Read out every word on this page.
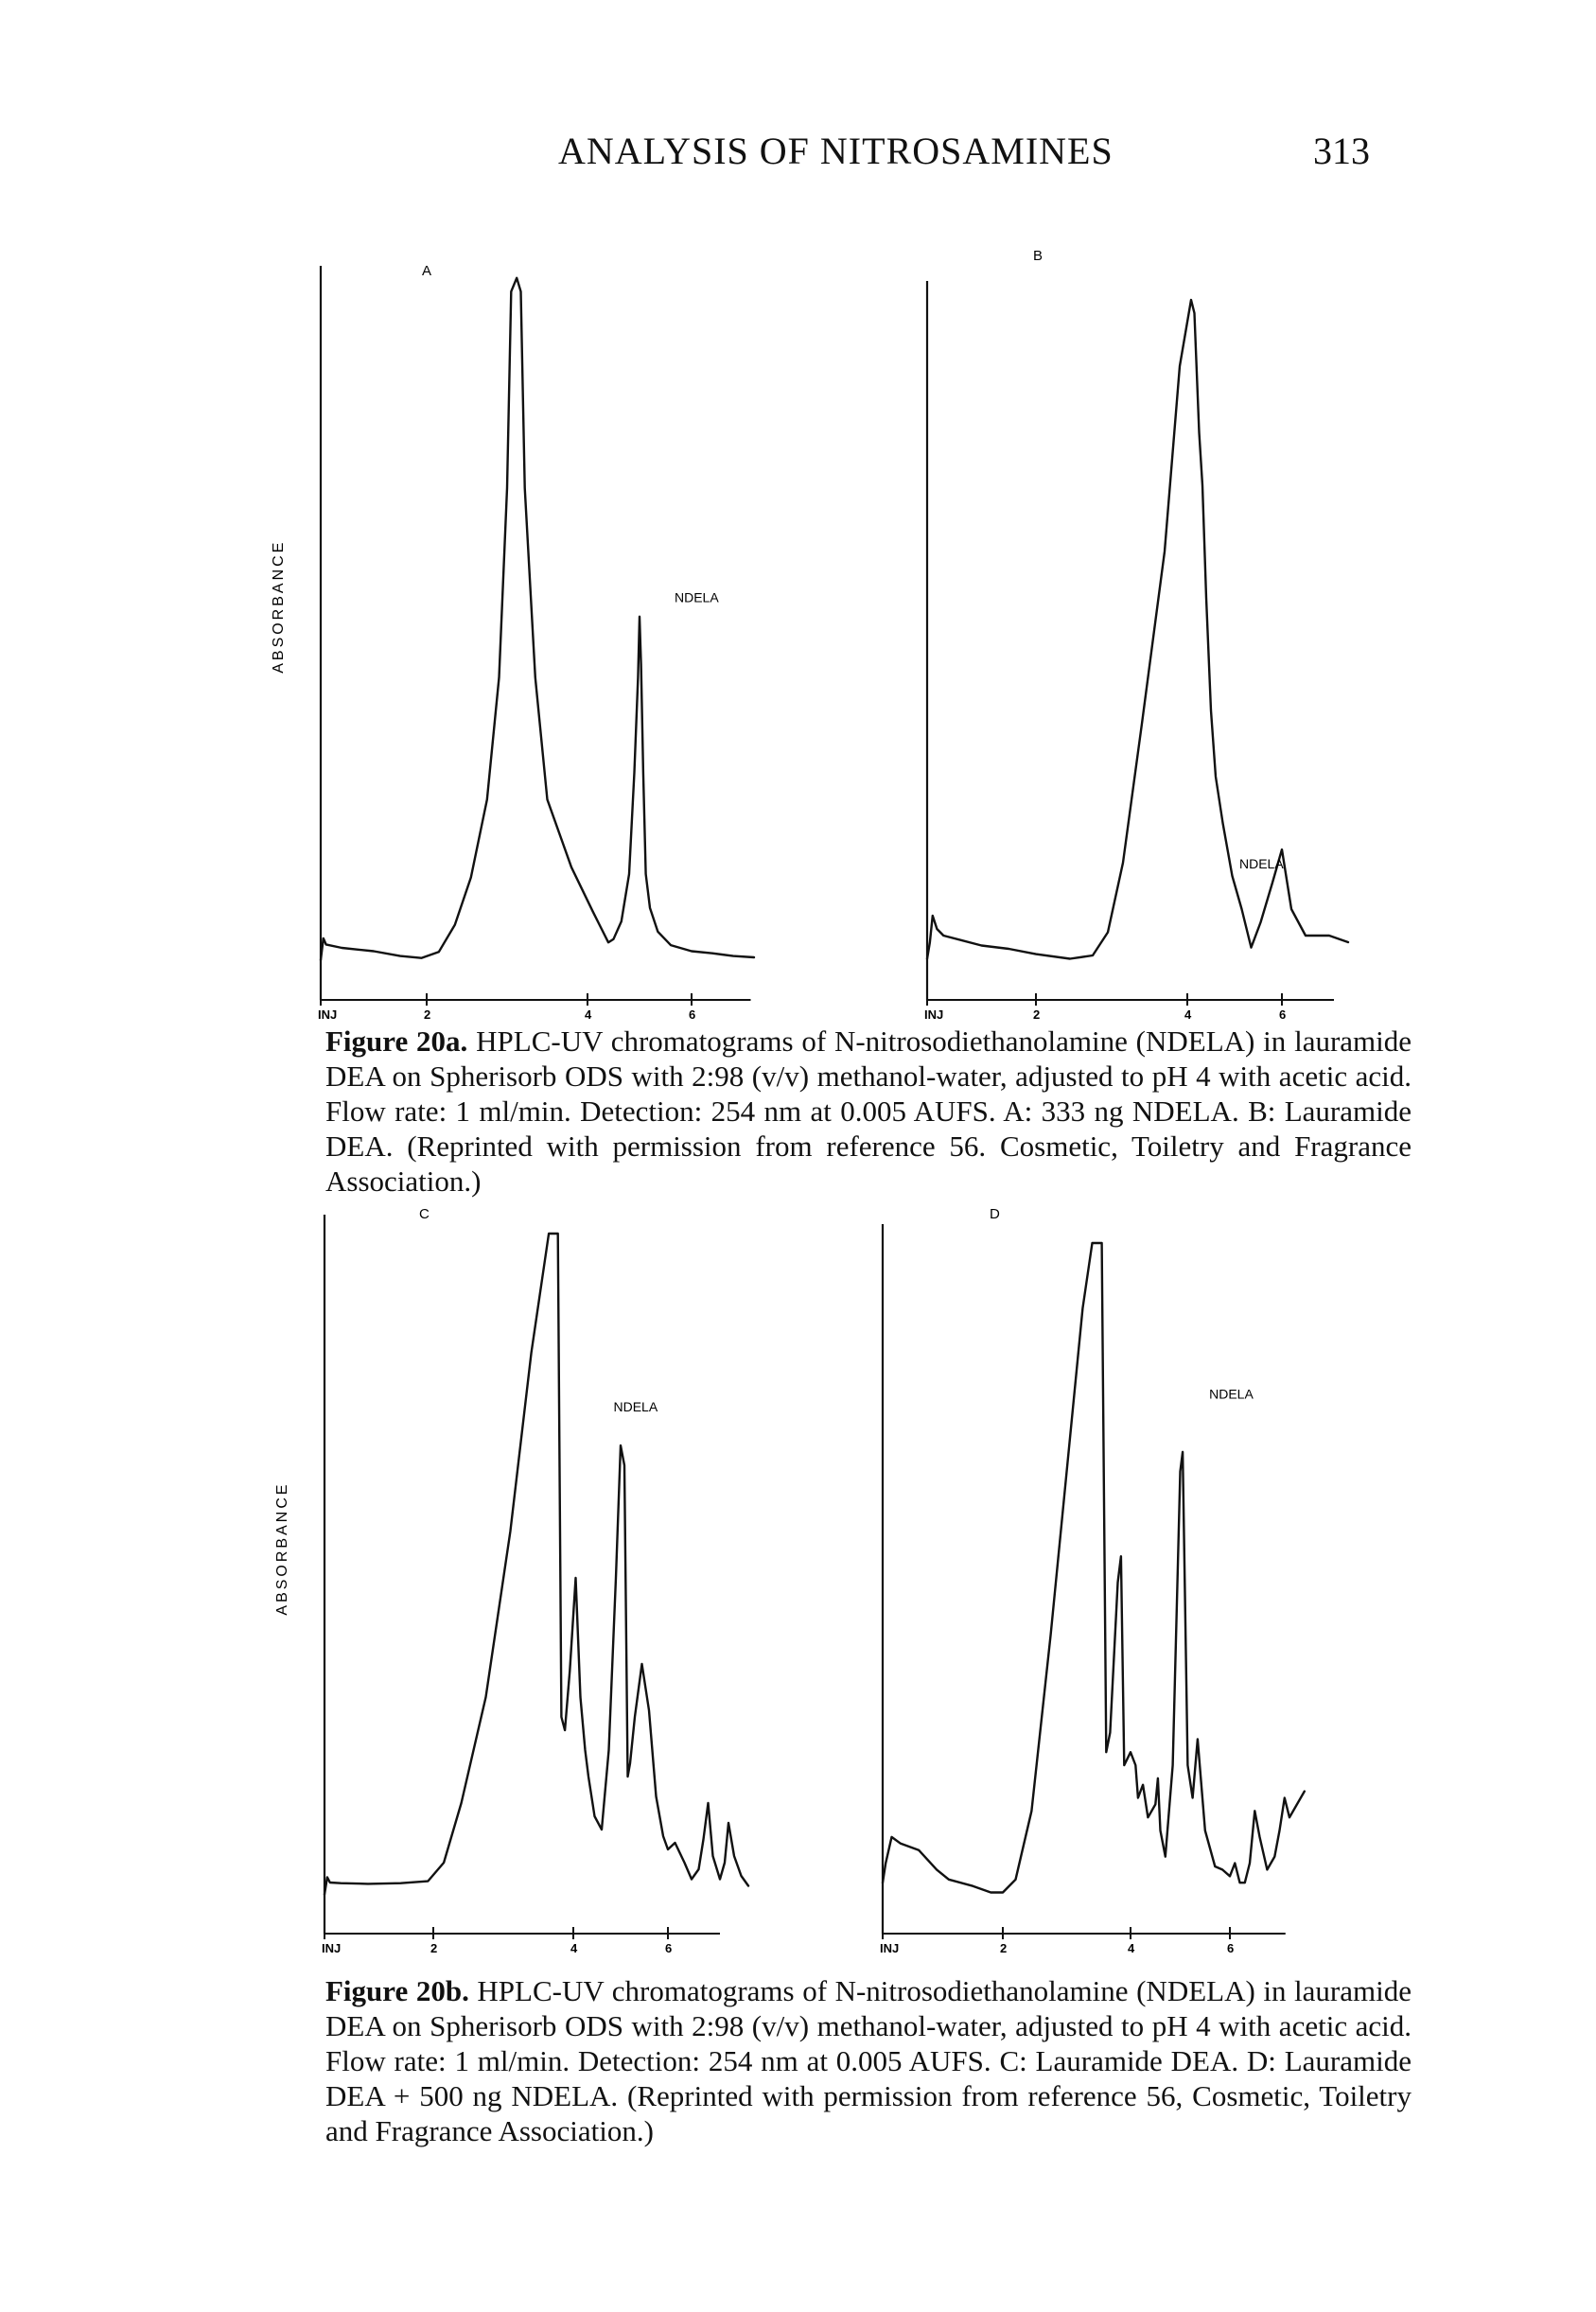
ANALYSIS OF NITROSAMINES	313
INJ	2	4	6
ABSORBANCE
A
NDELA
INJ	2	4	6
B
NDELA

Figure 20a. HPLC-UV chromatograms of N-nitrosodiethanolamine (NDELA) in lauramide DEA on Spherisorb ODS with 2:98 (v/v) methanol-water, adjusted to pH 4 with acetic acid. Flow rate: 1 ml/min. Detection: 254 nm at 0.005 AUFS. A: 333 ng NDELA. B: Lauramide DEA. (Reprinted with permission from reference 56. Cosmetic, Toiletry and Fragrance Association.)

INJ	2	4	6
ABSORBANCE
C
NDELA
INJ	2	4	6
D
NDELA

Figure 20b. HPLC-UV chromatograms of N-nitrosodiethanolamine (NDELA) in lauramide DEA on Spherisorb ODS with 2:98 (v/v) methanol-water, adjusted to pH 4 with acetic acid. Flow rate: 1 ml/min. Detection: 254 nm at 0.005 AUFS. C: Lauramide DEA. D: Lauramide DEA + 500 ng NDELA. (Reprinted with permission from reference 56, Cosmetic, Toiletry and Fragrance Association.)
